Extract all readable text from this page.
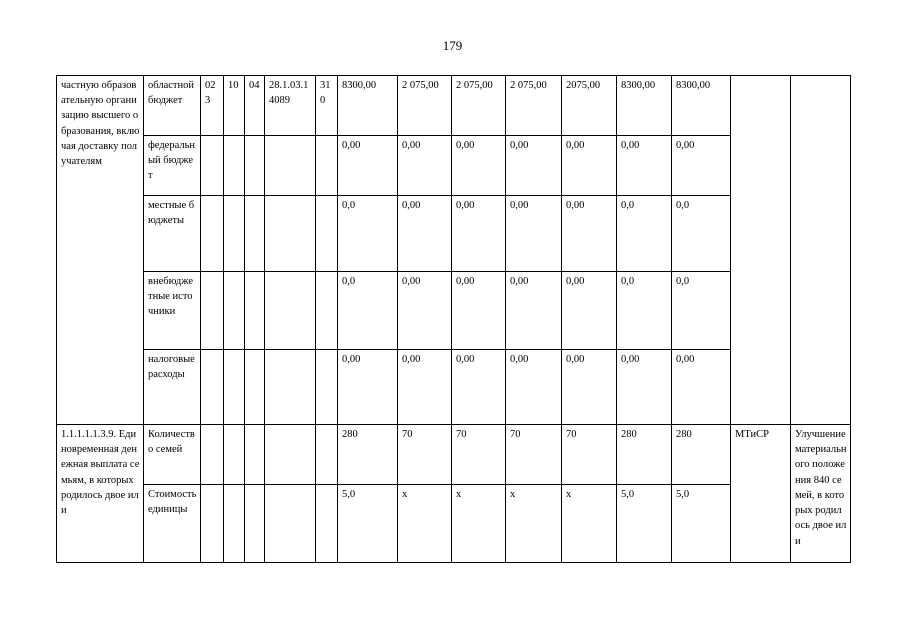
179
частную образовательную организацию высшего образования, включая доставку получателям	областной бюджет	023	10	04	28.1.03.14089	310	8300,00	2 075,00	2 075,00	2 075,00	2075,00	8300,00	8300,00		
	федеральный бюджет						0,00	0,00	0,00	0,00	0,00	0,00	0,00		
	местные бюджеты						0,0	0,00	0,00	0,00	0,00	0,0	0,0		
	внебюджетные источники						0,0	0,00	0,00	0,00	0,00	0,0	0,0		
	налоговые расходы						0,00	0,00	0,00	0,00	0,00	0,00	0,00		
1.1.1.1.1.3.9. Единовременная денежная выплата семьям, в которых родилось двое или	Количество семей						280	70	70	70	70	280	280	МТиСР	Улучшение материального положения 840 семей, в которых родилось двое или
	Стоимость единицы						5,0	х	х	х	х	5,0	5,0		
